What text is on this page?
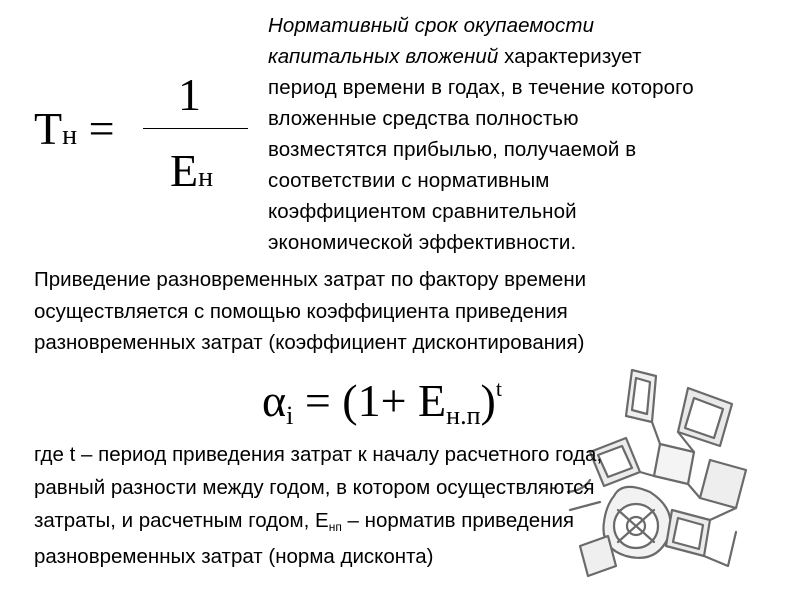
Тн =
1
Ен
Нормативный срок окупаемости
капитальных вложений характеризует
период времени в годах, в течение которого
вложенные средства полностью
возместятся прибылью, получаемой в
соответствии с нормативным
коэффициентом сравнительной
экономической эффективности.
Приведение разновременных затрат по фактору времени
осуществляется с помощью коэффициента приведения
разновременных затрат (коэффициент дисконтирования)
$\alpha i = (1+ Ен.п)^t$
где t – период приведения затрат к началу расчетного года,
равный разности между годом, в котором осуществляются
затраты, и расчетным годом, Енп – норматив приведения
разновременных затрат (норма дисконта)
